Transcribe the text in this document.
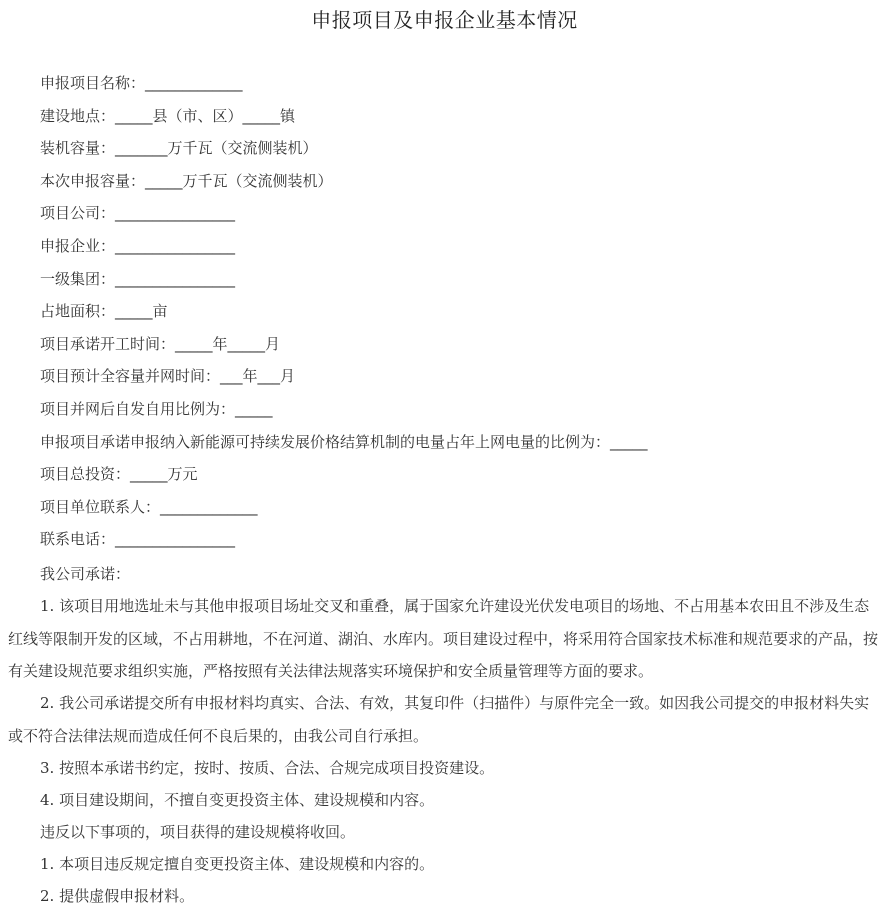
申报项目及申报企业基本情况
申报项目名称：_____________
建设地点：_____县（市、区）_____镇
装机容量：_______万千瓦（交流侧装机）
本次申报容量：_____万千瓦（交流侧装机）
项目公司：________________
申报企业：________________
一级集团：________________
占地面积：_____亩
项目承诺开工时间：_____年_____月
项目预计全容量并网时间：___年___月
项目并网后自发自用比例为：_____
申报项目承诺申报纳入新能源可持续发展价格结算机制的电量占年上网电量的比例为：_____
项目总投资：_____万元
项目单位联系人：_____________
联系电话：________________
我公司承诺：
1. 该项目用地选址未与其他申报项目场址交叉和重叠，属于国家允许建设光伏发电项目的场地、不占用基本农田且不涉及生态红线等限制开发的区域，不占用耕地，不在河道、湖泊、水库内。项目建设过程中，将采用符合国家技术标准和规范要求的产品，按有关建设规范要求组织实施，严格按照有关法律法规落实环境保护和安全质量管理等方面的要求。
2. 我公司承诺提交所有申报材料均真实、合法、有效，其复印件（扫描件）与原件完全一致。如因我公司提交的申报材料失实或不符合法律法规而造成任何不良后果的，由我公司自行承担。
3. 按照本承诺书约定，按时、按质、合法、合规完成项目投资建设。
4. 项目建设期间，不擅自变更投资主体、建设规模和内容。
违反以下事项的，项目获得的建设规模将收回。
1. 本项目违反规定擅自变更投资主体、建设规模和内容的。
2. 提供虚假申报材料。
